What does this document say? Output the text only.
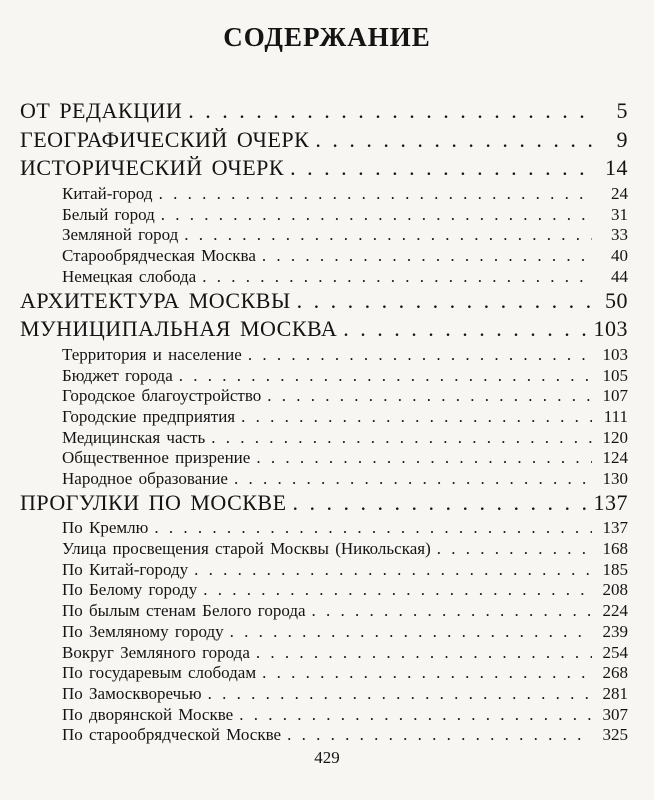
СОДЕРЖАНИЕ
ОТ РЕДАКЦИИ . . .	5
ГЕОГРАФИЧЕСКИЙ ОЧЕРК . . .	9
ИСТОРИЧЕСКИЙ ОЧЕРК . . .	14
Китай-город . . .	24
Белый город . . .	31
Земляной город . . .	33
Старообрядческая Москва . . .	40
Немецкая слобода . . .	44
АРХИТЕКТУРА МОСКВЫ . . .	50
МУНИЦИПАЛЬНАЯ МОСКВА . . .	103
Территория и население . . .	103
Бюджет города . . .	105
Городское благоустройство . . .	107
Городские предприятия . . .	111
Медицинская часть . . .	120
Общественное призрение . . .	124
Народное образование . . .	130
ПРОГУЛКИ ПО МОСКВЕ . . .	137
По Кремлю . . .	137
Улица просвещения старой Москвы (Никольская) . . .	168
По Китай-городу . . .	185
По Белому городу . . .	208
По былым стенам Белого города . . .	224
По Земляному городу . . .	239
Вокруг Земляного города . . .	254
По государевым слободам . . .	268
По Замоскворечью . . .	281
По дворянской Москве . . .	307
По старообрядческой Москве . . .	325
429
